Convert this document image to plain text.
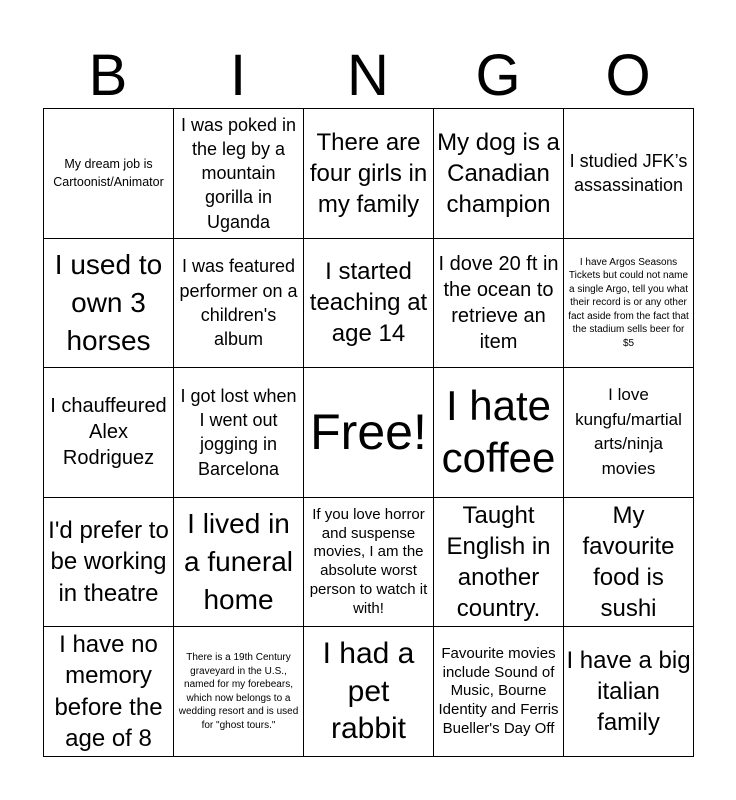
B	I	N	G	O
My dream job is Cartoonist/Animator
I was poked in the leg by a mountain gorilla in Uganda
There are four girls in my family
My dog is a Canadian champion
I studied JFK’s assassination
I used to own 3 horses
I was featured performer on a children's album
I started teaching at age 14
I dove 20 ft in the ocean to retrieve an item
I have Argos Seasons Tickets but could not name a single Argo, tell you what their record is or any other fact aside from the fact that the stadium sells beer for $5
I chauffeured Alex Rodriguez
I got lost when I went out jogging in Barcelona
Free! I hate coffee
I love kungfu/martial arts/ninja movies
I'd prefer to be working in theatre
I lived in a funeral home
If you love horror and suspense movies, I am the absolute worst person to watch it with!
Taught English in another country.
My favourite food is sushi
I have no memory before the age of 8
There is a 19th Century graveyard in the U.S., named for my forebears, which now belongs to a wedding resort and is used for "ghost tours."
I had a pet rabbit
Favourite movies include Sound of Music, Bourne Identity and Ferris Bueller's Day Off
I have a big italian family
